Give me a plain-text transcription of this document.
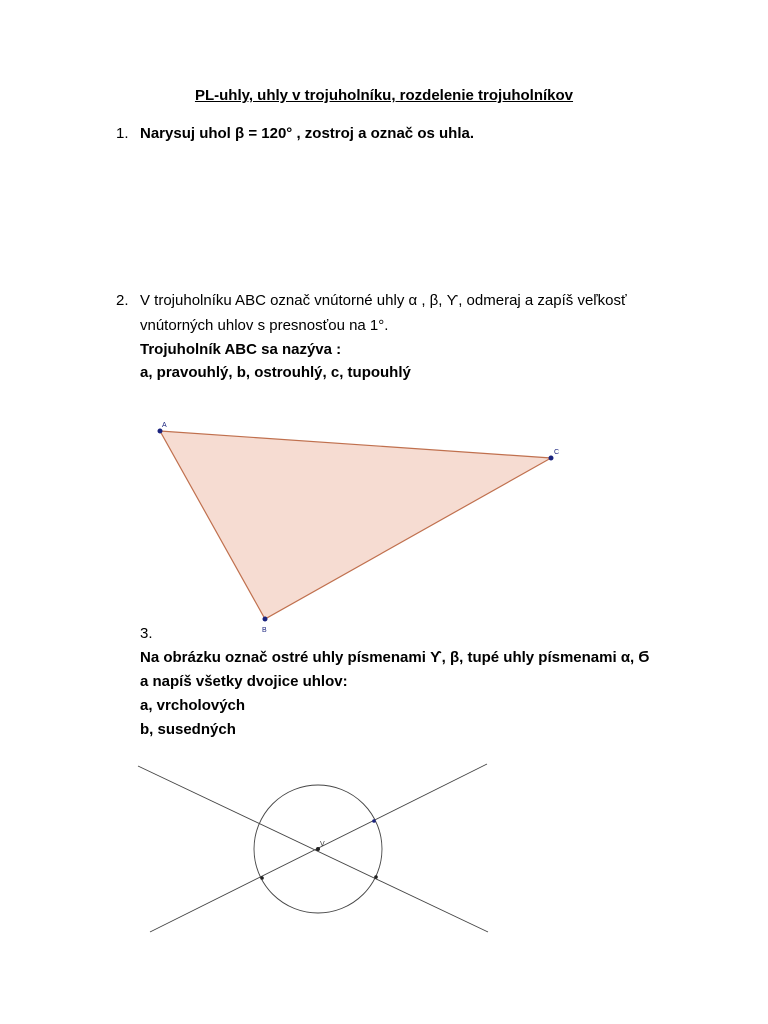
PL-uhly, uhly v trojuholníku, rozdelenie trojuholníkov
1. Narysuj uhol β = 120° , zostroj a označ os uhla.
2. V trojuholníku ABC označ vnútorné uhly α , β, ϒ, odmeraj a zapíš veľkosť
vnútorných uhlov s presnosťou na 1°.
Trojuholník ABC sa nazýva :
a, pravouhlý, b, ostrouhlý, c, tupouhlý
3.
Na obrázku označ ostré uhly písmenami ϒ, β, tupé uhly písmenami α, Ϭ
a napíš všetky dvojice uhlov:
a, vrcholových
b, susedných
A
B
C
V
